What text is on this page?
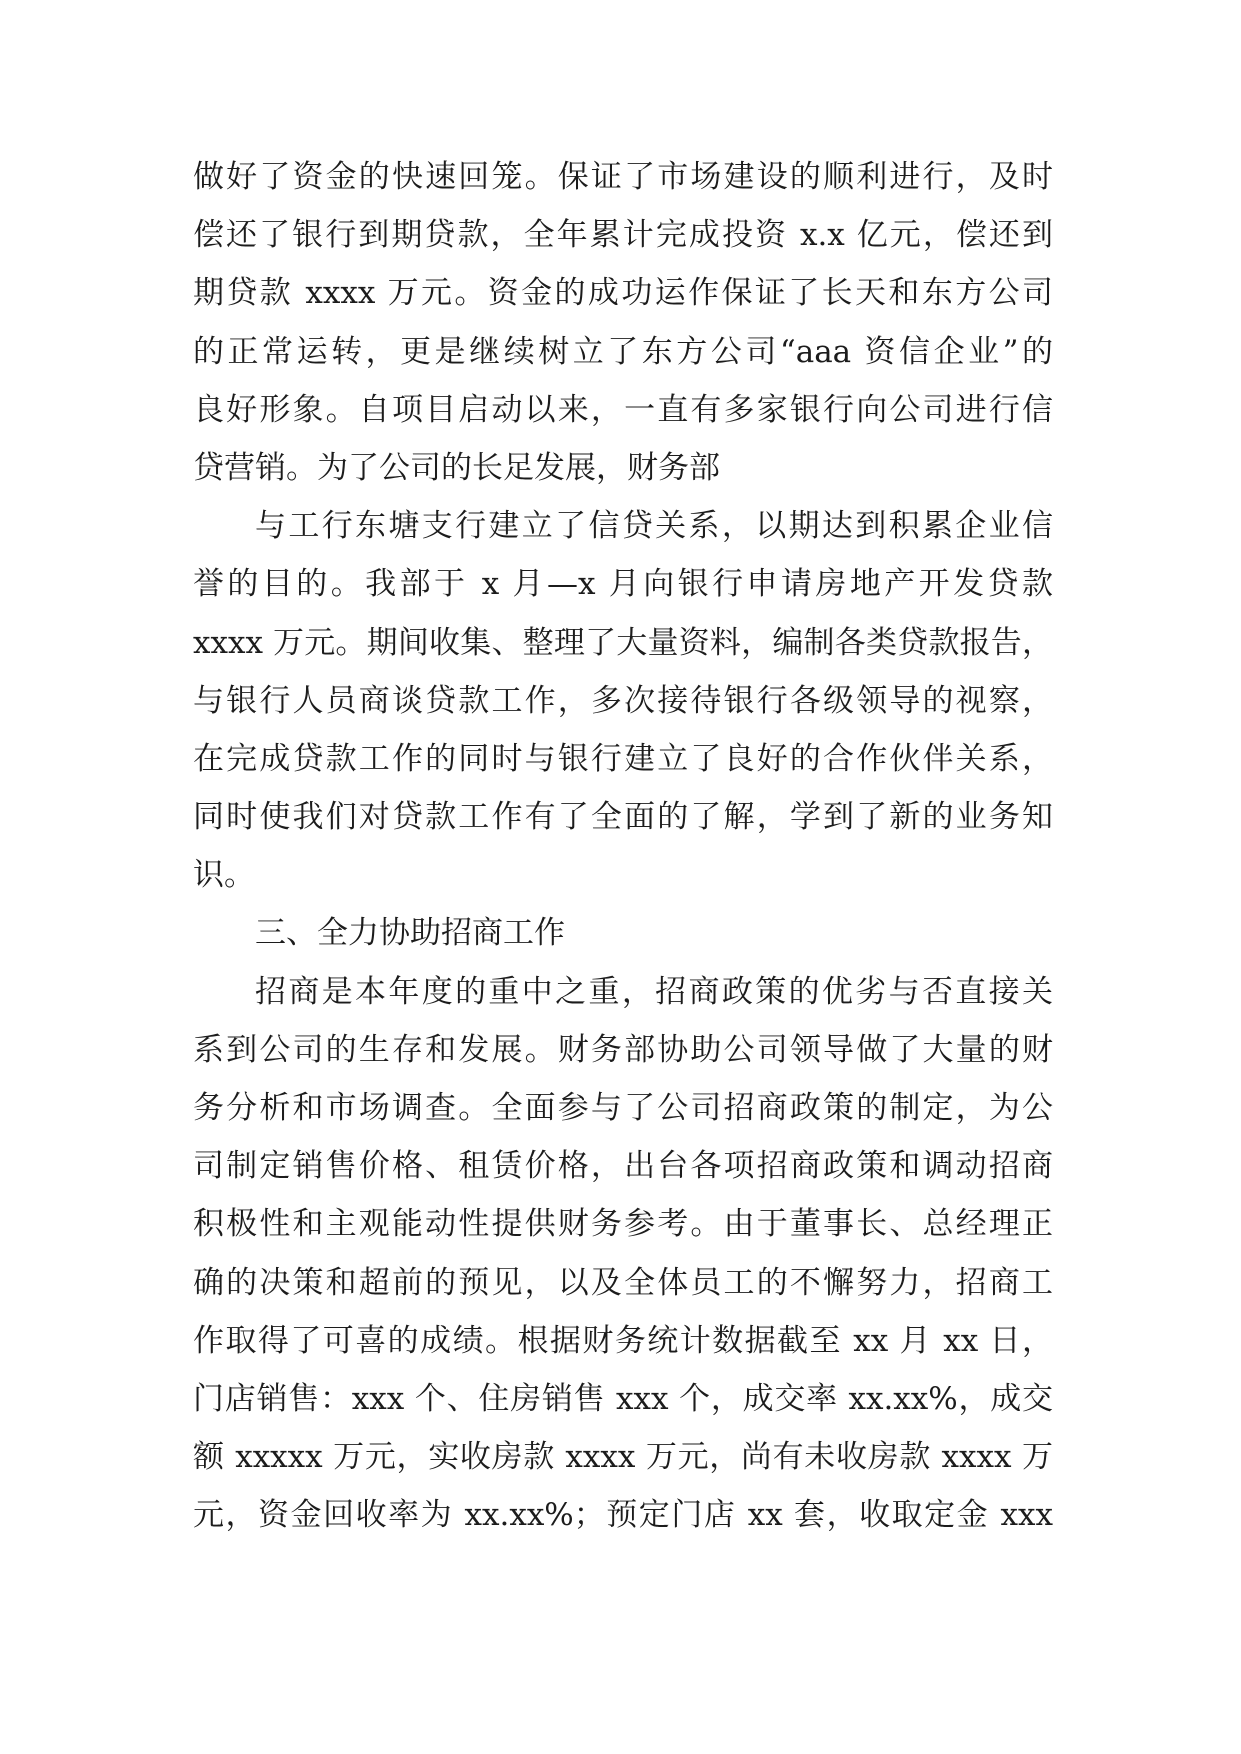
做好了资金的快速回笼。保证了市场建设的顺利进行，及时
偿还了银行到期贷款，全年累计完成投资 x.x 亿元，偿还到
期贷款 xxxx 万元。资金的成功运作保证了长天和东方公司
的正常运转，更是继续树立了东方公司“aaa 资信企业”的
良好形象。自项目启动以来，一直有多家银行向公司进行信
贷营销。为了公司的长足发展，财务部
与工行东塘支行建立了信贷关系，以期达到积累企业信
誉的目的。我部于 x 月—x 月向银行申请房地产开发贷款
xxxx 万元。期间收集、整理了大量资料，编制各类贷款报告，
与银行人员商谈贷款工作，多次接待银行各级领导的视察，
在完成贷款工作的同时与银行建立了良好的合作伙伴关系，
同时使我们对贷款工作有了全面的了解，学到了新的业务知
识。
三、全力协助招商工作
招商是本年度的重中之重，招商政策的优劣与否直接关
系到公司的生存和发展。财务部协助公司领导做了大量的财
务分析和市场调查。全面参与了公司招商政策的制定，为公
司制定销售价格、租赁价格，出台各项招商政策和调动招商
积极性和主观能动性提供财务参考。由于董事长、总经理正
确的决策和超前的预见，以及全体员工的不懈努力，招商工
作取得了可喜的成绩。根据财务统计数据截至 xx 月 xx 日，
门店销售：xxx 个、住房销售 xxx 个，成交率 xx.xx%，成交
额 xxxxx 万元，实收房款 xxxx 万元，尚有未收房款 xxxx 万
元，资金回收率为 xx.xx%；预定门店 xx 套，收取定金 xxx
